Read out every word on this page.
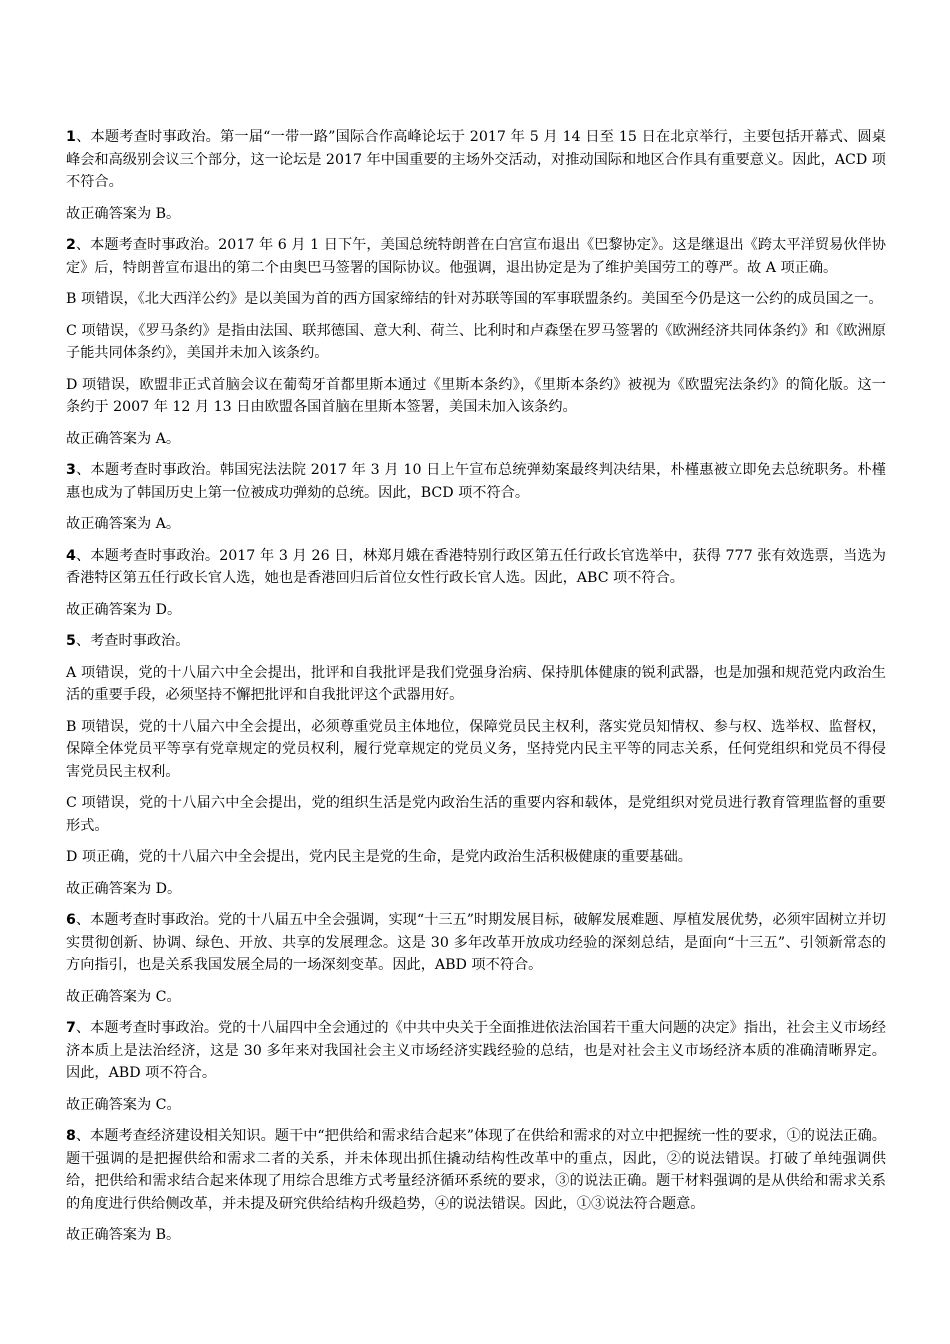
1、本题考查时事政治。第一届“一带一路”国际合作高峰论坛于 2017 年 5 月 14 日至 15 日在北京举行，主要包括开幕式、圆桌峰会和高级别会议三个部分，这一论坛是 2017 年中国重要的主场外交活动，对推动国际和地区合作具有重要意义。因此，ACD 项不符合。

故正确答案为 B。

2、本题考查时事政治。2017 年 6 月 1 日下午，美国总统特朗普在白宫宣布退出《巴黎协定》。这是继退出《跨太平洋贸易伙伴协定》后，特朗普宣布退出的第二个由奥巴马签署的国际协议。他强调，退出协定是为了维护美国劳工的尊严。故 A 项正确。

B 项错误，《北大西洋公约》是以美国为首的西方国家缔结的针对苏联等国的军事联盟条约。美国至今仍是这一公约的成员国之一。

C 项错误，《罗马条约》是指由法国、联邦德国、意大利、荷兰、比利时和卢森堡在罗马签署的《欧洲经济共同体条约》和《欧洲原子能共同体条约》，美国并未加入该条约。

D 项错误，欧盟非正式首脑会议在葡萄牙首都里斯本通过《里斯本条约》，《里斯本条约》被视为《欧盟宪法条约》的简化版。这一条约于 2007 年 12 月 13 日由欧盟各国首脑在里斯本签署，美国未加入该条约。

故正确答案为 A。

3、本题考查时事政治。韩国宪法法院 2017 年 3 月 10 日上午宣布总统弹劾案最终判决结果，朴槿惠被立即免去总统职务。朴槿惠也成为了韩国历史上第一位被成功弹劾的总统。因此，BCD 项不符合。

故正确答案为 A。

4、本题考查时事政治。2017 年 3 月 26 日，林郑月娥在香港特别行政区第五任行政长官选举中，获得 777 张有效选票，当选为香港特区第五任行政长官人选，她也是香港回归后首位女性行政长官人选。因此，ABC 项不符合。

故正确答案为 D。

5、考查时事政治。

A 项错误，党的十八届六中全会提出，批评和自我批评是我们党强身治病、保持肌体健康的锐利武器，也是加强和规范党内政治生活的重要手段，必须坚持不懈把批评和自我批评这个武器用好。

B 项错误，党的十八届六中全会提出，必须尊重党员主体地位，保障党员民主权利，落实党员知情权、参与权、选举权、监督权，保障全体党员平等享有党章规定的党员权利，履行党章规定的党员义务，坚持党内民主平等的同志关系，任何党组织和党员不得侵害党员民主权利。

C 项错误，党的十八届六中全会提出，党的组织生活是党内政治生活的重要内容和载体，是党组织对党员进行教育管理监督的重要形式。

D 项正确，党的十八届六中全会提出，党内民主是党的生命，是党内政治生活积极健康的重要基础。

故正确答案为 D。

6、本题考查时事政治。党的十八届五中全会强调，实现“十三五”时期发展目标，破解发展难题、厚植发展优势，必须牢固树立并切实贯彻创新、协调、绿色、开放、共享的发展理念。这是 30 多年改革开放成功经验的深刻总结，是面向“十三五”、引领新常态的方向指引，也是关系我国发展全局的一场深刻变革。因此，ABD 项不符合。

故正确答案为 C。

7、本题考查时事政治。党的十八届四中全会通过的《中共中央关于全面推进依法治国若干重大问题的决定》指出，社会主义市场经济本质上是法治经济，这是 30 多年来对我国社会主义市场经济实践经验的总结，也是对社会主义市场经济本质的准确清晰界定。因此，ABD 项不符合。

故正确答案为 C。

8、本题考查经济建设相关知识。题干中“把供给和需求结合起来”体现了在供给和需求的对立中把握统一性的要求，①的说法正确。题干强调的是把握供给和需求二者的关系，并未体现出抓住撬动结构性改革中的重点，因此，②的说法错误。打破了单纯强调供给，把供给和需求结合起来体现了用综合思维方式考量经济循环系统的要求，③的说法正确。题干材料强调的是从供给和需求关系的角度进行供给侧改革，并未提及研究供给结构升级趋势，④的说法错误。因此，①③说法符合题意。

故正确答案为 B。
